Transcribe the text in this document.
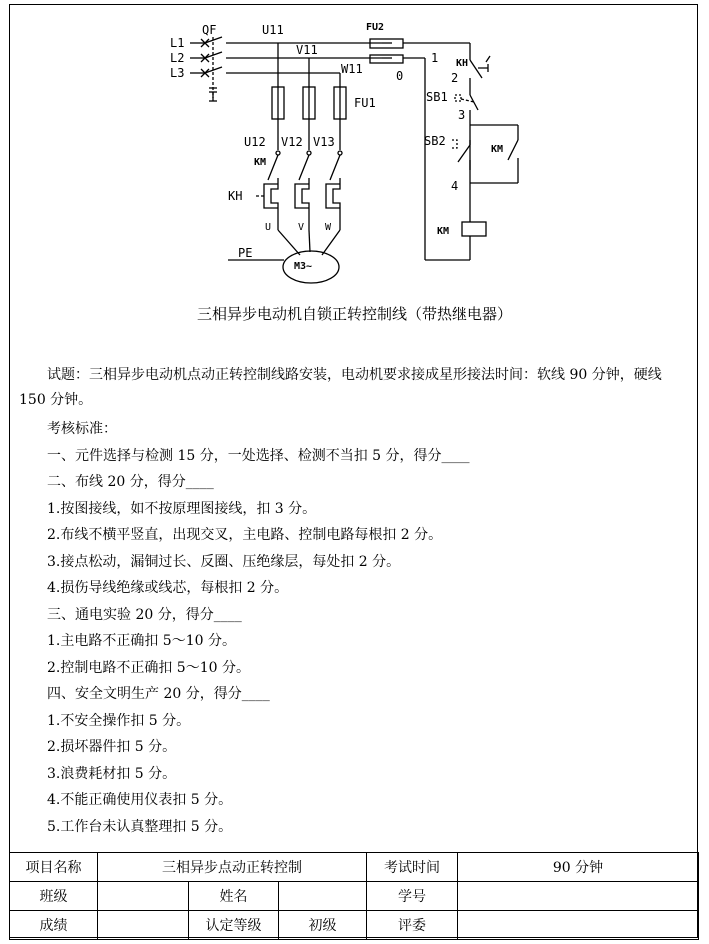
QF
L1
L2
L3
U11
V11
W11
FU1
FU2
U12 V12 V13
KM
KH
U	V W
PE
M3~
0
1
2
3
4
KH
SB1
SB2
KM
KM
三相异步电动机自锁正转控制线（带热继电器）

试题：三相异步电动机点动正转控制线路安装，电动机要求接成星形接法时间：软线 90 分钟，硬线 150 分钟。

考核标准：

一、元件选择与检测 15 分，一处选择、检测不当扣 5 分，得分____

二、布线 20 分，得分____

1.按图接线，如不按原理图接线，扣 3 分。

2.布线不横平竖直，出现交叉，主电路、控制电路每根扣 2 分。

3.接点松动，漏铜过长、反圈、压绝缘层，每处扣 2 分。

4.损伤导线绝缘或线芯，每根扣 2 分。

三、通电实验 20 分，得分____

1.主电路不正确扣 5～10 分。

2.控制电路不正确扣 5～10 分。

四、安全文明生产 20 分，得分____

1.不安全操作扣 5 分。

2.损坏器件扣 5 分。

3.浪费耗材扣 5 分。

4.不能正确使用仪表扣 5 分。

5.工作台未认真整理扣 5 分。

项目名称	三相异步点动正转控制			考试时间	90 分钟
班级		姓名		学号	
成绩		认定等级	初级	评委	
